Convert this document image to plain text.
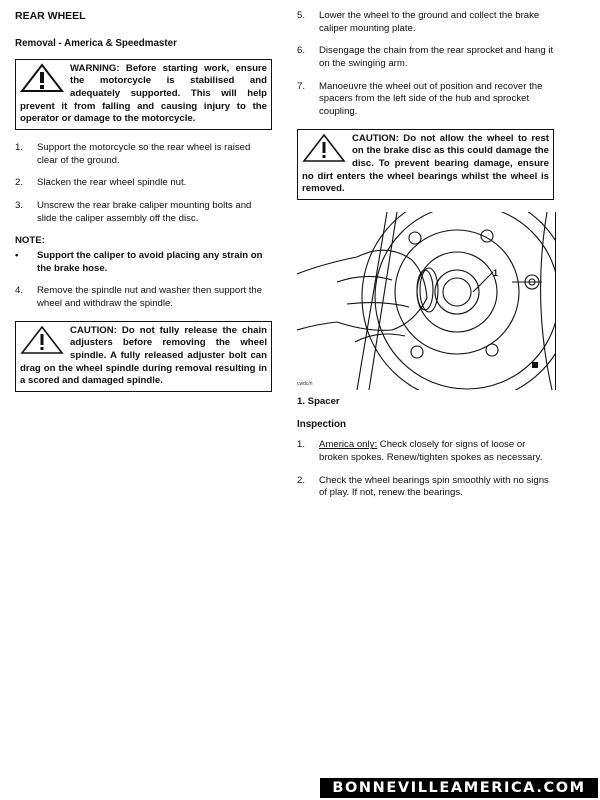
REAR WHEEL
Removal - America & Speedmaster
WARNING: Before starting work, ensure the motorcycle is stabilised and adequately supported. This will help prevent it from falling and causing injury to the operator or damage to the motorcycle.
1. Support the motorcycle so the rear wheel is raised clear of the ground.
2. Slacken the rear wheel spindle nut.
3. Unscrew the rear brake caliper mounting bolts and slide the caliper assembly off the disc.
NOTE:
• Support the caliper to avoid placing any strain on the brake hose.
4. Remove the spindle nut and washer then support the wheel and withdraw the spindle.
CAUTION: Do not fully release the chain adjusters before removing the wheel spindle. A fully released adjuster bolt can drag on the wheel spindle during removal resulting in a scored and damaged spindle.
5. Lower the wheel to the ground and collect the brake caliper mounting plate.
6. Disengage the chain from the rear sprocket and hang it on the swinging arm.
7. Manoeuvre the wheel out of position and recover the spacers from the left side of the hub and sprocket coupling.
CAUTION: Do not allow the wheel to rest on the brake disc as this could damage the disc. To prevent bearing damage, ensure no dirt enters the wheel bearings whilst the wheel is removed.
1
cwdc/n
1. Spacer
Inspection
1. America only: Check closely for signs of loose or broken spokes. Renew/tighten spokes as necessary.
2. Check the wheel bearings spin smoothly with no signs of play. If not, renew the bearings.
BONNEVILLEAMERICA.COM
